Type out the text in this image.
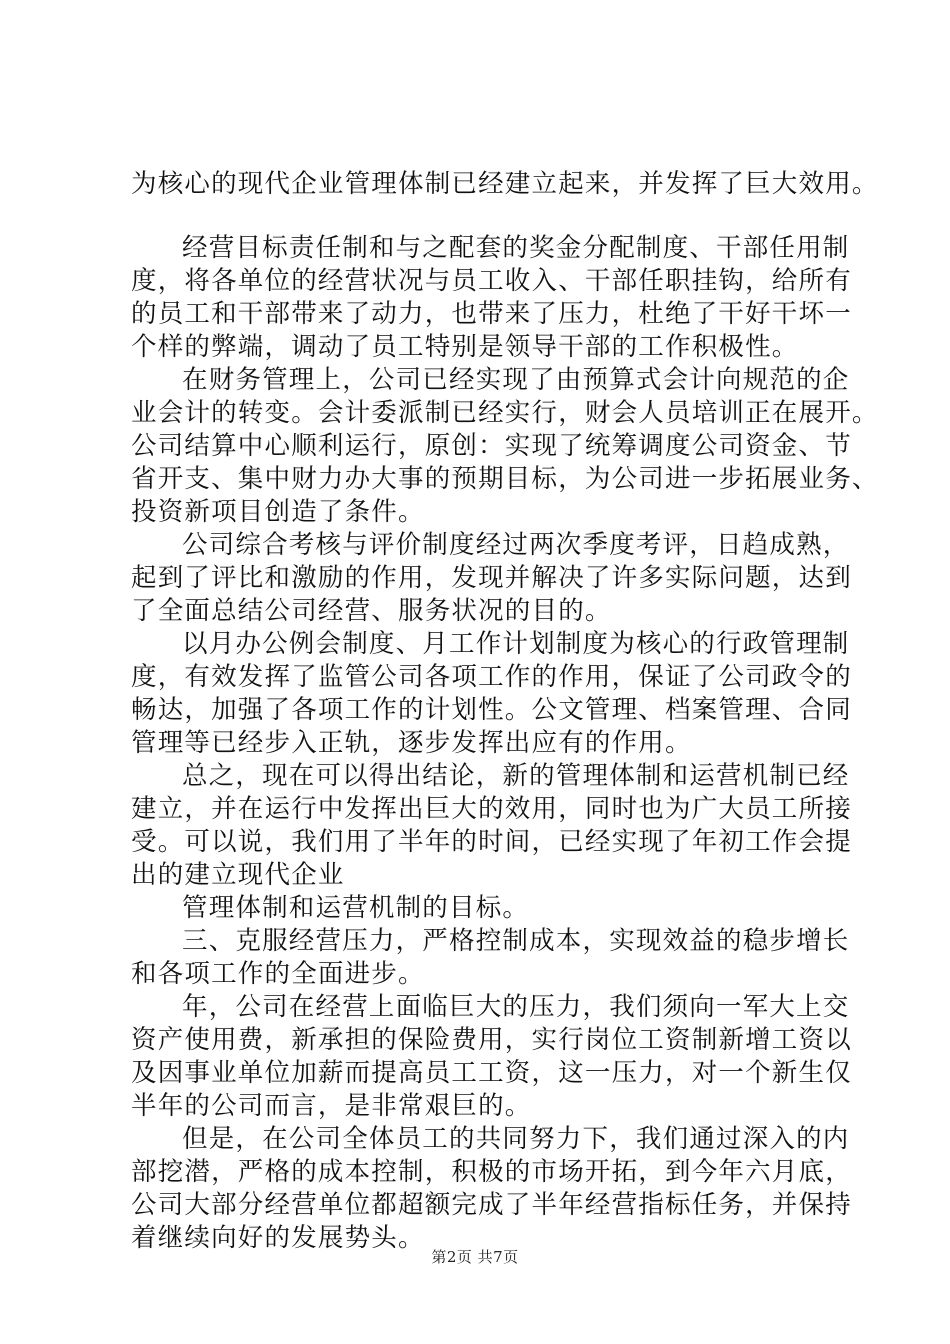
为核心的现代企业管理体制已经建立起来，并发挥了巨大效用。
经营目标责任制和与之配套的奖金分配制度、干部任用制
度，将各单位的经营状况与员工收入、干部任职挂钩，给所有
的员工和干部带来了动力，也带来了压力，杜绝了干好干坏一
个样的弊端，调动了员工特别是领导干部的工作积极性。
在财务管理上，公司已经实现了由预算式会计向规范的企
业会计的转变。会计委派制已经实行，财会人员培训正在展开。
公司结算中心顺利运行，原创：实现了统筹调度公司资金、节
省开支、集中财力办大事的预期目标，为公司进一步拓展业务、
投资新项目创造了条件。
公司综合考核与评价制度经过两次季度考评，日趋成熟，
起到了评比和激励的作用，发现并解决了许多实际问题，达到
了全面总结公司经营、服务状况的目的。
以月办公例会制度、月工作计划制度为核心的行政管理制
度，有效发挥了监管公司各项工作的作用，保证了公司政令的
畅达，加强了各项工作的计划性。公文管理、档案管理、合同
管理等已经步入正轨，逐步发挥出应有的作用。
总之，现在可以得出结论，新的管理体制和运营机制已经
建立，并在运行中发挥出巨大的效用，同时也为广大员工所接
受。可以说，我们用了半年的时间，已经实现了年初工作会提
出的建立现代企业
管理体制和运营机制的目标。
三、克服经营压力，严格控制成本，实现效益的稳步增长
和各项工作的全面进步。
年，公司在经营上面临巨大的压力，我们须向一军大上交
资产使用费，新承担的保险费用，实行岗位工资制新增工资以
及因事业单位加薪而提高员工工资，这一压力，对一个新生仅
半年的公司而言，是非常艰巨的。
但是，在公司全体员工的共同努力下，我们通过深入的内
部挖潜，严格的成本控制，积极的市场开拓，到今年六月底，
公司大部分经营单位都超额完成了半年经营指标任务，并保持
着继续向好的发展势头。
第2页 共7页
